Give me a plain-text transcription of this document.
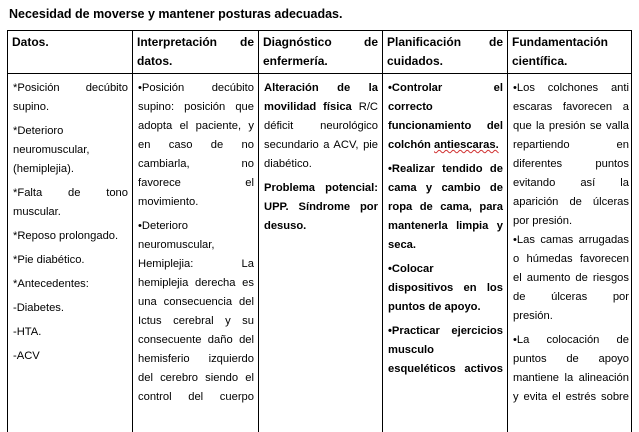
Necesidad de moverse y mantener posturas adecuadas.
Datos.
*Posición decúbito
supino.
*Deterioro
neuromuscular,
(hemiplejia).
*Falta de tono
muscular.
*Reposo prolongado.
*Pie diabético.
*Antecedentes:
-Diabetes.
-HTA.
-ACV
Interpretación de
datos.
•Posición decúbito
supino: posición que
adopta el paciente, y
en caso de no
cambiarla, no
favorece el
movimiento.
•Deterioro
neuromuscular,
Hemiplejia: La
hemiplejia derecha es
una consecuencia del
Ictus cerebral y su
consecuente daño del
hemisferio izquierdo
del cerebro siendo el
control del cuerpo
Diagnóstico de
enfermería.
Alteración de la
movilidad física R/C
déficit neurológico
secundario a ACV, pie
diabético.
Problema potencial:
UPP. Síndrome por
desuso.
Planificación de
cuidados.
•Controlar el
correcto
funcionamiento del
colchón antiescaras.
•Realizar tendido de
cama y cambio de
ropa de cama, para
mantenerla limpia y
seca.
•Colocar
dispositivos en los
puntos de apoyo.
•Practicar ejercicios
musculo
esqueléticos activos
Fundamentación
científica.
•Los colchones anti
escaras favorecen a
que la presión se valla
repartiendo en
diferentes puntos
evitando así la
aparición de úlceras
por presión.
•Las camas arrugadas
o húmedas favorecen
el aumento de riesgos
de úlceras por
presión.
•La colocación de
puntos de apoyo
mantiene la alineación
y evita el estrés sobre
